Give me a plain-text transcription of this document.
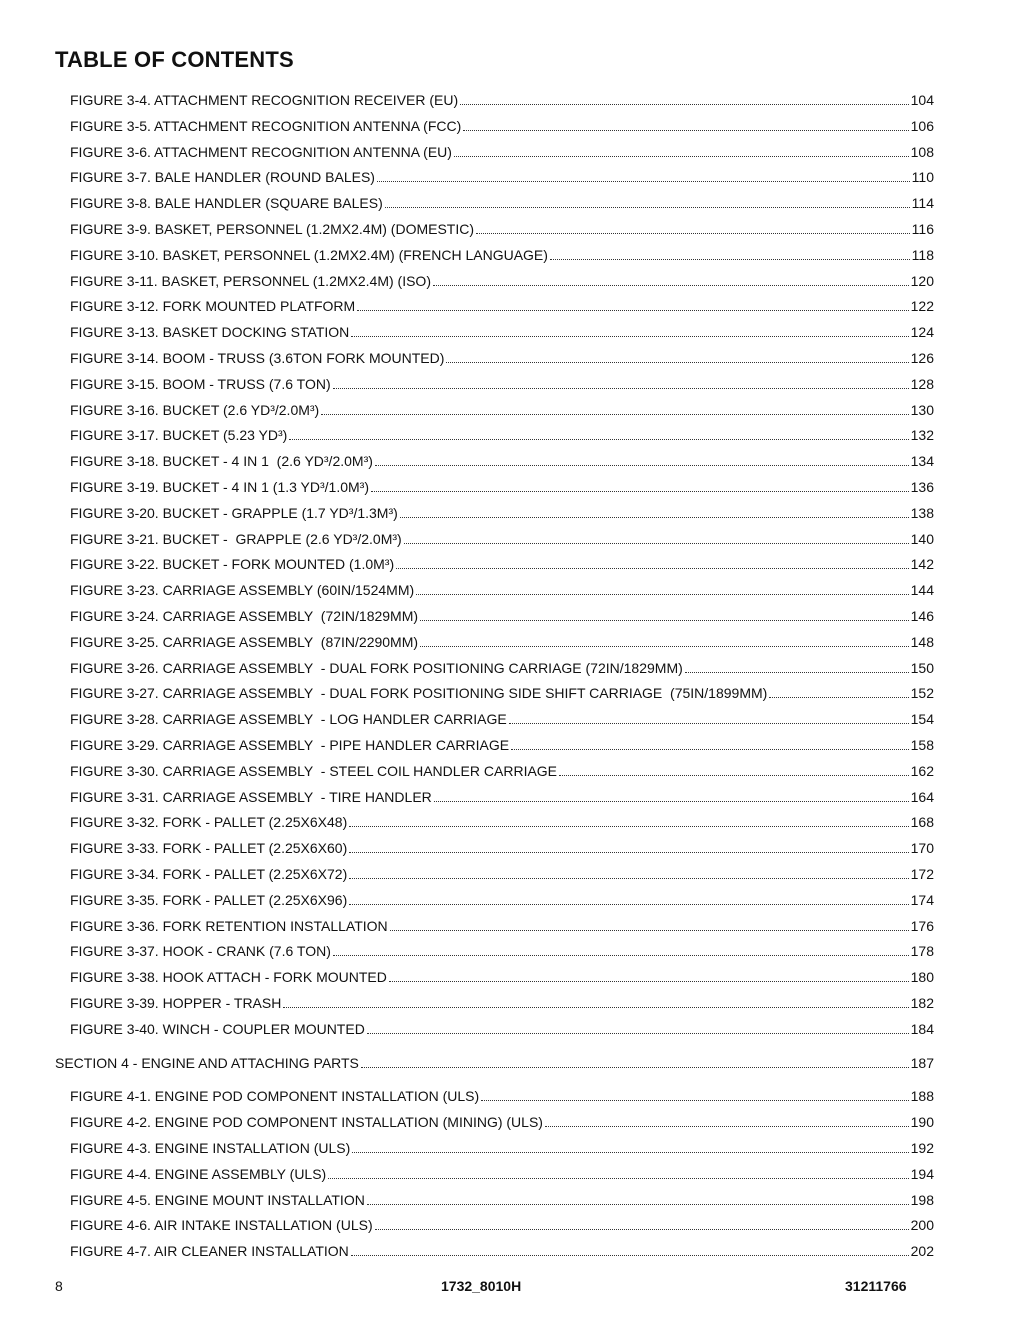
TABLE OF CONTENTS
FIGURE 3-4. ATTACHMENT RECOGNITION RECEIVER (EU)	104
FIGURE 3-5. ATTACHMENT RECOGNITION ANTENNA (FCC)	106
FIGURE 3-6. ATTACHMENT RECOGNITION ANTENNA (EU)	108
FIGURE 3-7. BALE HANDLER (ROUND BALES)	110
FIGURE 3-8. BALE HANDLER (SQUARE BALES)	114
FIGURE 3-9. BASKET, PERSONNEL (1.2MX2.4M) (DOMESTIC)	116
FIGURE 3-10. BASKET, PERSONNEL (1.2MX2.4M) (FRENCH LANGUAGE)	118
FIGURE 3-11. BASKET, PERSONNEL (1.2MX2.4M) (ISO)	120
FIGURE 3-12. FORK MOUNTED PLATFORM	122
FIGURE 3-13. BASKET DOCKING STATION	124
FIGURE 3-14. BOOM - TRUSS (3.6TON FORK MOUNTED)	126
FIGURE 3-15. BOOM - TRUSS (7.6 TON)	128
FIGURE 3-16. BUCKET (2.6 YD³/2.0M³)	130
FIGURE 3-17. BUCKET (5.23 YD³)	132
FIGURE 3-18. BUCKET - 4 IN 1  (2.6 YD³/2.0M³)	134
FIGURE 3-19. BUCKET - 4 IN 1 (1.3 YD³/1.0M³)	136
FIGURE 3-20. BUCKET - GRAPPLE (1.7 YD³/1.3M³)	138
FIGURE 3-21. BUCKET -  GRAPPLE (2.6 YD³/2.0M³)	140
FIGURE 3-22. BUCKET - FORK MOUNTED (1.0M³)	142
FIGURE 3-23. CARRIAGE ASSEMBLY (60IN/1524MM)	144
FIGURE 3-24. CARRIAGE ASSEMBLY  (72IN/1829MM)	146
FIGURE 3-25. CARRIAGE ASSEMBLY  (87IN/2290MM)	148
FIGURE 3-26. CARRIAGE ASSEMBLY  - DUAL FORK POSITIONING CARRIAGE (72IN/1829MM)	150
FIGURE 3-27. CARRIAGE ASSEMBLY  - DUAL FORK POSITIONING SIDE SHIFT CARRIAGE  (75IN/1899MM)	152
FIGURE 3-28. CARRIAGE ASSEMBLY  - LOG HANDLER CARRIAGE	154
FIGURE 3-29. CARRIAGE ASSEMBLY  - PIPE HANDLER CARRIAGE	158
FIGURE 3-30. CARRIAGE ASSEMBLY  - STEEL COIL HANDLER CARRIAGE	162
FIGURE 3-31. CARRIAGE ASSEMBLY  - TIRE HANDLER	164
FIGURE 3-32. FORK - PALLET (2.25X6X48)	168
FIGURE 3-33. FORK - PALLET (2.25X6X60)	170
FIGURE 3-34. FORK - PALLET (2.25X6X72)	172
FIGURE 3-35. FORK - PALLET (2.25X6X96)	174
FIGURE 3-36. FORK RETENTION INSTALLATION	176
FIGURE 3-37. HOOK - CRANK (7.6 TON)	178
FIGURE 3-38. HOOK ATTACH - FORK MOUNTED	180
FIGURE 3-39. HOPPER - TRASH	182
FIGURE 3-40. WINCH - COUPLER MOUNTED	184
SECTION 4 - ENGINE AND ATTACHING PARTS	187
FIGURE 4-1. ENGINE POD COMPONENT INSTALLATION (ULS)	188
FIGURE 4-2. ENGINE POD COMPONENT INSTALLATION (MINING) (ULS)	190
FIGURE 4-3. ENGINE INSTALLATION (ULS)	192
FIGURE 4-4. ENGINE ASSEMBLY (ULS)	194
FIGURE 4-5. ENGINE MOUNT INSTALLATION	198
FIGURE 4-6. AIR INTAKE INSTALLATION (ULS)	200
FIGURE 4-7. AIR CLEANER INSTALLATION	202
8	1732_8010H	31211766
